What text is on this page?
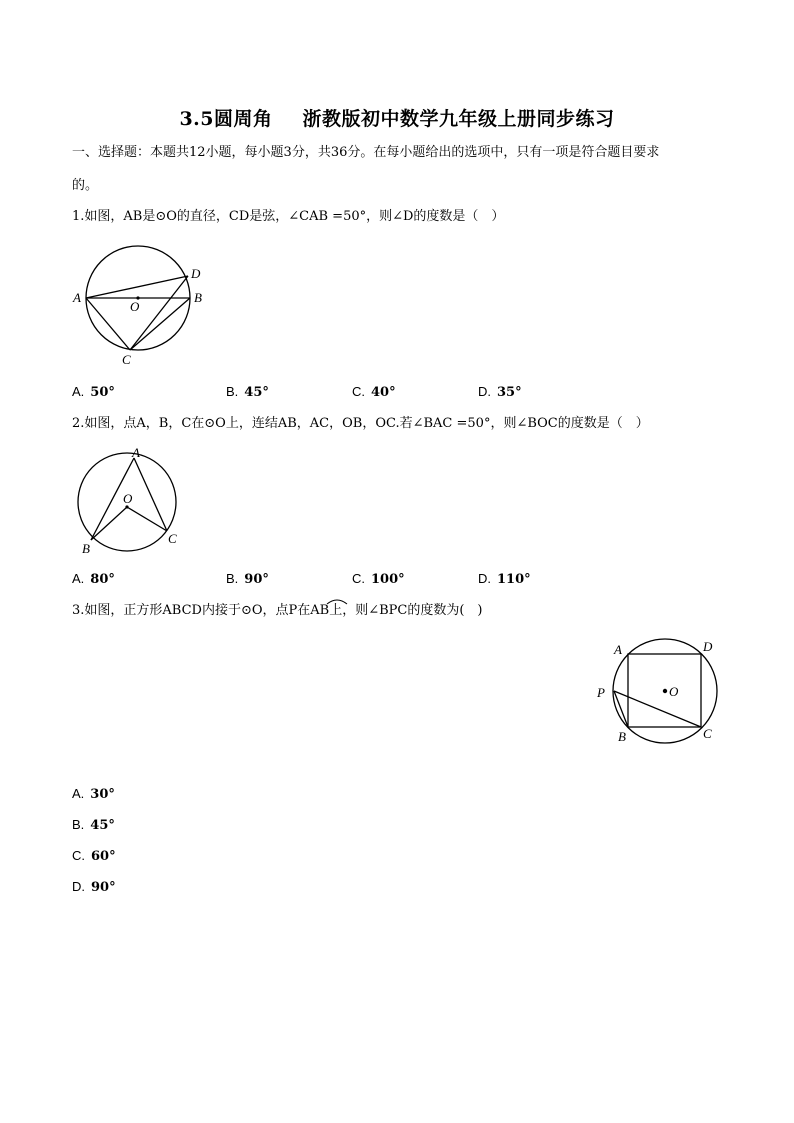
3.5圆周角 浙教版初中数学九年级上册同步练习
一、选择题：本题共12小题，每小题3分，共36分。在每小题给出的选项中，只有一项是符合题目要求
的。
1.如图，AB是⊙O的直径，CD是弦，∠CAB =50°，则∠D的度数是（　）
A	B
C
D
O
A. 50°	B. 45°	C. 40°	D. 35°
2.如图，点A，B，C在⊙O上，连结AB，AC，OB，OC.若∠BAC =50°，则∠BOC的度数是（　）
A
B
C
O
A. 80°	B. 90°	C. 100°	D. 110°
3.如图，正方形ABCD内接于⊙O，点P在AB上，则∠BPC的度数为(　)
A	D
P
B	C
O
A. 30°
B. 45°
C. 60°
D. 90°
